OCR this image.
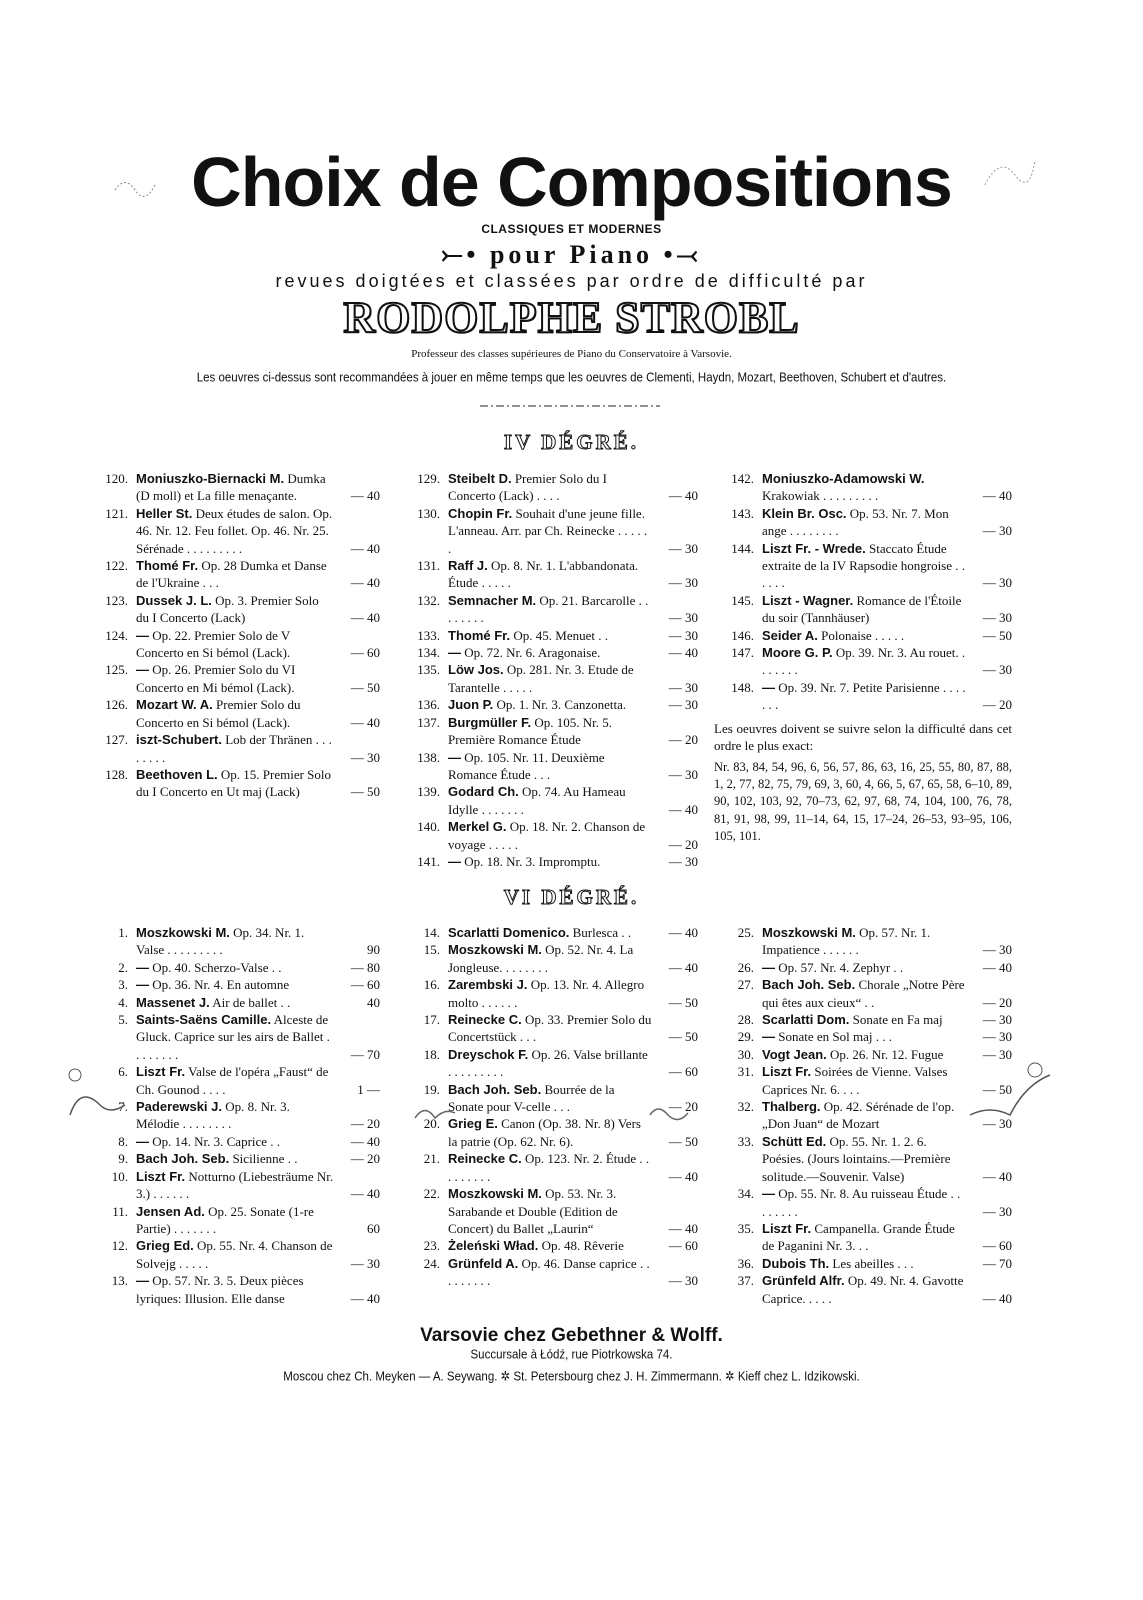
Choix de Compositions
CLASSIQUES ET MODERNES
⤚• pour Piano •⤙
revues doigtées et classées par ordre de difficulté par
RODOLPHE STROBL
Professeur des classes supérieures de Piano du Conservatoire à Varsovie.
Les oeuvres ci-dessus sont recommandées à jouer en même temps que les oeuvres de Clementi, Haydn, Mozart, Beethoven, Schubert et d'autres.
IV DÉGRÉ.
120. Moniuszko-Biernacki M. Dumka (D moll) et La fille menaçante.	— 40
121. Heller St. Deux études de salon. Op. 46. Nr. 12. Feu follet. Op. 46. Nr. 25. Sérénade . . . . . . . . .	— 40
122. Thomé Fr. Op. 28 Dumka et Danse de l'Ukraine . . .	— 40
123. Dussek J. L. Op. 3. Premier Solo du I Concerto (Lack)	— 40
124. — Op. 22. Premier Solo de V Concerto en Si bémol (Lack).	— 60
125. — Op. 26. Premier Solo du VI Concerto en Mi bémol (Lack).	— 50
126. Mozart W. A. Premier Solo du Concerto en Si bémol (Lack).	— 40
127. iszt-Schubert. Lob der Thränen . . . . . . . .	— 30
128. Beethoven L. Op. 15. Premier Solo du I Concerto en Ut maj (Lack)	— 50
129. Steibelt D. Premier Solo du I Concerto (Lack) . . . .	— 40
130. Chopin Fr. Souhait d'une jeune fille. L'anneau. Arr. par Ch. Reinecke . . . . . .	— 30
131. Raff J. Op. 8. Nr. 1. L'abbandonata. Étude . . . . .	— 30
132. Semnacher M. Op. 21. Barcarolle . . . . . . . .	— 30
133. Thomé Fr. Op. 45. Menuet . .	— 30
134. — Op. 72. Nr. 6. Aragonaise.	— 40
135. Löw Jos. Op. 281. Nr. 3. Etude de Tarantelle . . . . .	— 30
136. Juon P. Op. 1. Nr. 3. Canzonetta.	— 30
137. Burgmüller F. Op. 105. Nr. 5. Première Romance Étude	— 20
138. — Op. 105. Nr. 11. Deuxième Romance Étude . . .	— 30
139. Godard Ch. Op. 74. Au Hameau Idylle . . . . . . .	— 40
140. Merkel G. Op. 18. Nr. 2. Chanson de voyage . . . . .	— 20
141. — Op. 18. Nr. 3. Impromptu.	— 30
142. Moniuszko-Adamowski W. Krakowiak . . . . . . . . .	— 40
143. Klein Br. Osc. Op. 53. Nr. 7. Mon ange . . . . . . . .	— 30
144. Liszt Fr. - Wrede. Staccato Étude extraite de la IV Rapsodie hongroise . . . . . .	— 30
145. Liszt - Wagner. Romance de l'Étoile du soir (Tannhäuser)	— 30
146. Seider A. Polonaise . . . . .	— 50
147. Moore G. P. Op. 39. Nr. 3. Au rouet. . . . . . . .	— 30
148. — Op. 39. Nr. 7. Petite Parisienne . . . . . . .	— 20
Les oeuvres doivent se suivre selon la difficulté dans cet ordre le plus exact:
Nr. 83, 84, 54, 96, 6, 56, 57, 86, 63, 16, 25, 55, 80, 87, 88, 1, 2, 77, 82, 75, 79, 69, 3, 60, 4, 66, 5, 67, 65, 58, 6–10, 89, 90, 102, 103, 92, 70–73, 62, 97, 68, 74, 104, 100, 76, 78, 81, 91, 98, 99, 11–14, 64, 15, 17–24, 26–53, 93–95, 106, 105, 101.
VI DÉGRÉ.
1. Moszkowski M. Op. 34. Nr. 1. Valse . . . . . . . . .	90
2. — Op. 40. Scherzo-Valse . .	— 80
3. — Op. 36. Nr. 4. En automne	— 60
4. Massenet J. Air de ballet . .	40
5. Saints-Saëns Camille. Alceste de Gluck. Caprice sur les airs de Ballet . . . . . . . .	— 70
6. Liszt Fr. Valse de l'opéra „Faust“ de Ch. Gounod . . . .	1 —
7. Paderewski J. Op. 8. Nr. 3. Mélodie . . . . . . . .	— 20
8. — Op. 14. Nr. 3. Caprice . .	— 40
9. Bach Joh. Seb. Sicilienne . .	— 20
10. Liszt Fr. Notturno (Liebesträume Nr. 3.) . . . . . .	— 40
11. Jensen Ad. Op. 25. Sonate (1-re Partie) . . . . . . .	60
12. Grieg Ed. Op. 55. Nr. 4. Chanson de Solvejg . . . . .	— 30
13. — Op. 57. Nr. 3. 5. Deux pièces lyriques: Illusion. Elle danse	— 40
14. Scarlatti Domenico. Burlesca . .	— 40
15. Moszkowski M. Op. 52. Nr. 4. La Jongleuse. . . . . . . .	— 40
16. Zarembski J. Op. 13. Nr. 4. Allegro molto . . . . . .	— 50
17. Reinecke C. Op. 33. Premier Solo du Concertstück . . .	— 50
18. Dreyschok F. Op. 26. Valse brillante . . . . . . . . .	— 60
19. Bach Joh. Seb. Bourrée de la Sonate pour V-celle . . .	— 20
20. Grieg E. Canon (Op. 38. Nr. 8) Vers la patrie (Op. 62. Nr. 6).	— 50
21. Reinecke C. Op. 123. Nr. 2. Étude . . . . . . . . .	— 40
22. Moszkowski M. Op. 53. Nr. 3. Sarabande et Double (Edition de Concert) du Ballet „Laurin“	— 40
23. Żeleński Wład. Op. 48. Rêverie	— 60
24. Grünfeld A. Op. 46. Danse caprice . . . . . . . . .	— 30
25. Moszkowski M. Op. 57. Nr. 1. Impatience . . . . . .	— 30
26. — Op. 57. Nr. 4. Zephyr . .	— 40
27. Bach Joh. Seb. Chorale „Notre Père qui êtes aux cieux“ . .	— 20
28. Scarlatti Dom. Sonate en Fa maj	— 30
29. — Sonate en Sol maj . . .	— 30
30. Vogt Jean. Op. 26. Nr. 12. Fugue	— 30
31. Liszt Fr. Soirées de Vienne. Valses Caprices Nr. 6. . . .	— 50
32. Thalberg. Op. 42. Sérénade de l'op. „Don Juan“ de Mozart	— 30
33. Schütt Ed. Op. 55. Nr. 1. 2. 6. Poésies. (Jours lointains.—Première solitude.—Souvenir. Valse)	— 40
34. — Op. 55. Nr. 8. Au ruisseau Étude . . . . . . . .	— 30
35. Liszt Fr. Campanella. Grande Étude de Paganini Nr. 3. . .	— 60
36. Dubois Th. Les abeilles . . .	— 70
37. Grünfeld Alfr. Op. 49. Nr. 4. Gavotte Caprice. . . . .	— 40
Varsovie chez Gebethner & Wolff.
Succursale à Łódź, rue Piotrkowska 74.
Moscou chez Ch. Meyken — A. Seywang. ✲ St. Petersbourg chez J. H. Zimmermann. ✲ Kieff chez L. Idzikowski.
